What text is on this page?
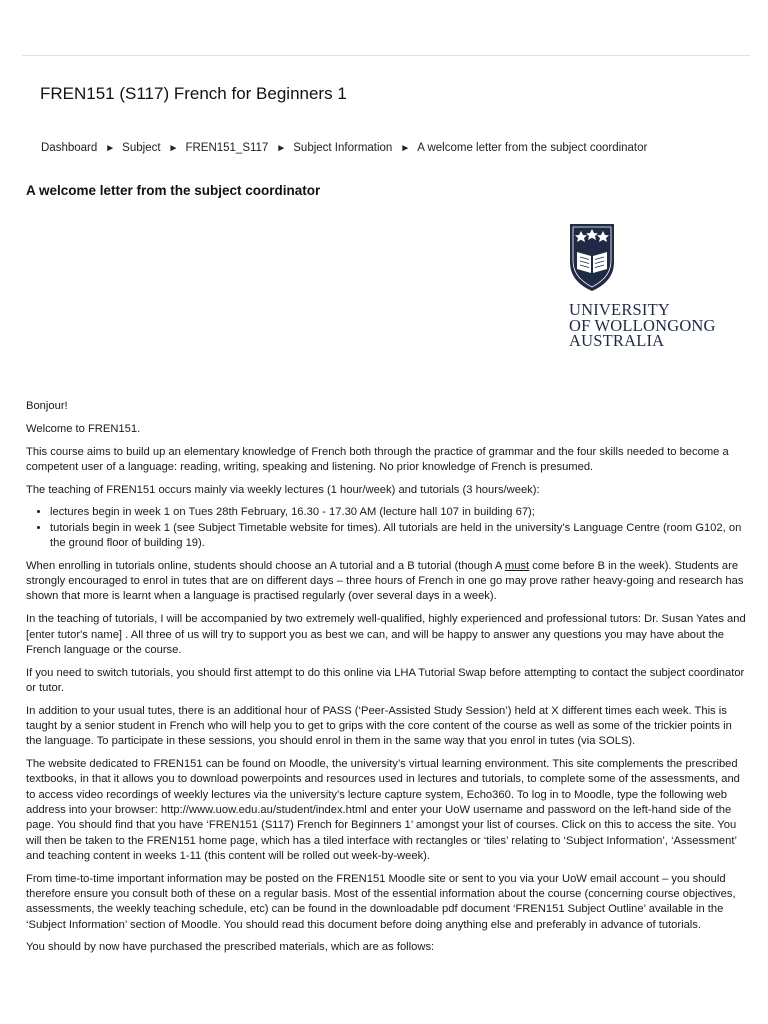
FREN151 (S117) French for Beginners 1
Dashboard ► Subject ► FREN151_S117 ► Subject Information ► A welcome letter from the subject coordinator
A welcome letter from the subject coordinator
UNIVERSITY
OF WOLLONGONG
AUSTRALIA

Bonjour!

Welcome to FREN151.

This course aims to build up an elementary knowledge of French both through the practice of grammar and the four skills needed to become a competent user of a language: reading, writing, speaking and listening. No prior knowledge of French is presumed.

The teaching of FREN151 occurs mainly via weekly lectures (1 hour/week) and tutorials (3 hours/week):

• lectures begin in week 1 on Tues 28th February, 16.30 - 17.30 AM (lecture hall 107 in building 67);
• tutorials begin in week 1 (see Subject Timetable website for times). All tutorials are held in the university’s Language Centre (room G102, on the ground floor of building 19).

When enrolling in tutorials online, students should choose an A tutorial and a B tutorial (though A must come before B in the week). Students are strongly encouraged to enrol in tutes that are on different days – three hours of French in one go may prove rather heavy-going and research has shown that more is learnt when a language is practised regularly (over several days in a week).

In the teaching of tutorials, I will be accompanied by two extremely well-qualified, highly experienced and professional tutors: Dr. Susan Yates and [enter tutor's name] . All three of us will try to support you as best we can, and will be happy to answer any questions you may have about the French language or the course.

If you need to switch tutorials, you should first attempt to do this online via LHA Tutorial Swap before attempting to contact the subject coordinator or tutor.

In addition to your usual tutes, there is an additional hour of PASS (‘Peer-Assisted Study Session’) held at X different times each week. This is taught by a senior student in French who will help you to get to grips with the core content of the course as well as some of the trickier points in the language. To participate in these sessions, you should enrol in them in the same way that you enrol in tutes (via SOLS).

The website dedicated to FREN151 can be found on Moodle, the university’s virtual learning environment. This site complements the prescribed textbooks, in that it allows you to download powerpoints and resources used in lectures and tutorials, to complete some of the assessments, and to access video recordings of weekly lectures via the university’s lecture capture system, Echo360. To log in to Moodle, type the following web address into your browser: http://www.uow.edu.au/student/index.html and enter your UoW username and password on the left-hand side of the page. You should find that you have ‘FREN151 (S117) French for Beginners 1’ amongst your list of courses. Click on this to access the site. You will then be taken to the FREN151 home page, which has a tiled interface with rectangles or ‘tiles’ relating to ‘Subject Information’, ‘Assessment’ and teaching content in weeks 1-11 (this content will be rolled out week-by-week).

From time-to-time important information may be posted on the FREN151 Moodle site or sent to you via your UoW email account – you should therefore ensure you consult both of these on a regular basis. Most of the essential information about the course (concerning course objectives, assessments, the weekly teaching schedule, etc) can be found in the downloadable pdf document ‘FREN151 Subject Outline’ available in the ‘Subject Information’ section of Moodle. You should read this document before doing anything else and preferably in advance of tutorials.

You should by now have purchased the prescribed materials, which are as follows:
